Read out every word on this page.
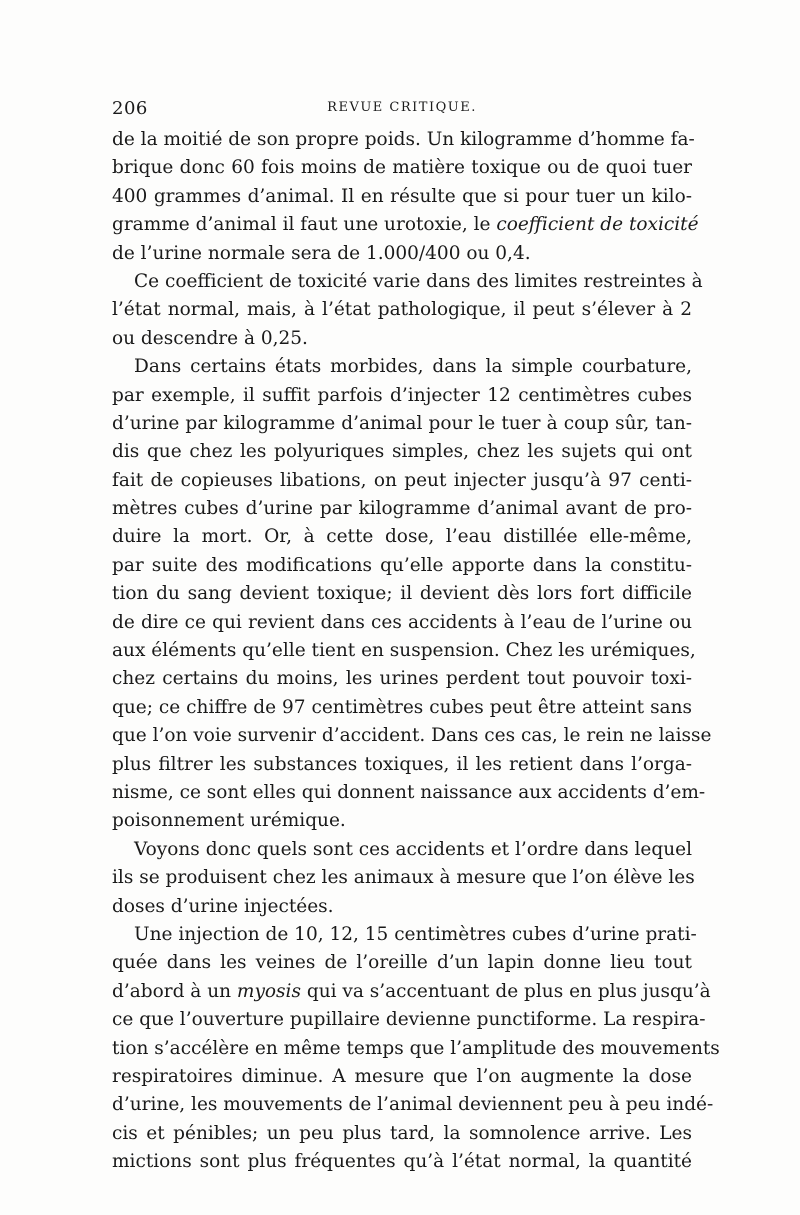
206	REVUE CRITIQUE.
de la moitié de son propre poids. Un kilogramme d’homme fa-
brique donc 60 fois moins de matière toxique ou de quoi tuer
400 grammes d’animal. Il en résulte que si pour tuer un kilo-
gramme d’animal il faut une urotoxie, le coefficient de toxicité
de l’urine normale sera de 1.000/400 ou 0,4.
Ce coefficient de toxicité varie dans des limites restreintes à
l’état normal, mais, à l’état pathologique, il peut s’élever à 2
ou descendre à 0,25.
Dans certains états morbides, dans la simple courbature,
par exemple, il suffit parfois d’injecter 12 centimètres cubes
d’urine par kilogramme d’animal pour le tuer à coup sûr, tan-
dis que chez les polyuriques simples, chez les sujets qui ont
fait de copieuses libations, on peut injecter jusqu’à 97 centi-
mètres cubes d’urine par kilogramme d’animal avant de pro-
duire la mort. Or, à cette dose, l’eau distillée elle-même,
par suite des modifications qu’elle apporte dans la constitu-
tion du sang devient toxique; il devient dès lors fort difficile
de dire ce qui revient dans ces accidents à l’eau de l’urine ou
aux éléments qu’elle tient en suspension. Chez les urémiques,
chez certains du moins, les urines perdent tout pouvoir toxi-
que; ce chiffre de 97 centimètres cubes peut être atteint sans
que l’on voie survenir d’accident. Dans ces cas, le rein ne laisse
plus filtrer les substances toxiques, il les retient dans l’orga-
nisme, ce sont elles qui donnent naissance aux accidents d’em-
poisonnement urémique.
Voyons donc quels sont ces accidents et l’ordre dans lequel
ils se produisent chez les animaux à mesure que l’on élève les
doses d’urine injectées.
Une injection de 10, 12, 15 centimètres cubes d’urine prati-
quée dans les veines de l’oreille d’un lapin donne lieu tout
d’abord à un myosis qui va s’accentuant de plus en plus jusqu’à
ce que l’ouverture pupillaire devienne punctiforme. La respira-
tion s’accélère en même temps que l’amplitude des mouvements
respiratoires diminue. A mesure que l’on augmente la dose
d’urine, les mouvements de l’animal deviennent peu à peu indé-
cis et pénibles; un peu plus tard, la somnolence arrive. Les
mictions sont plus fréquentes qu’à l’état normal, la quantité
